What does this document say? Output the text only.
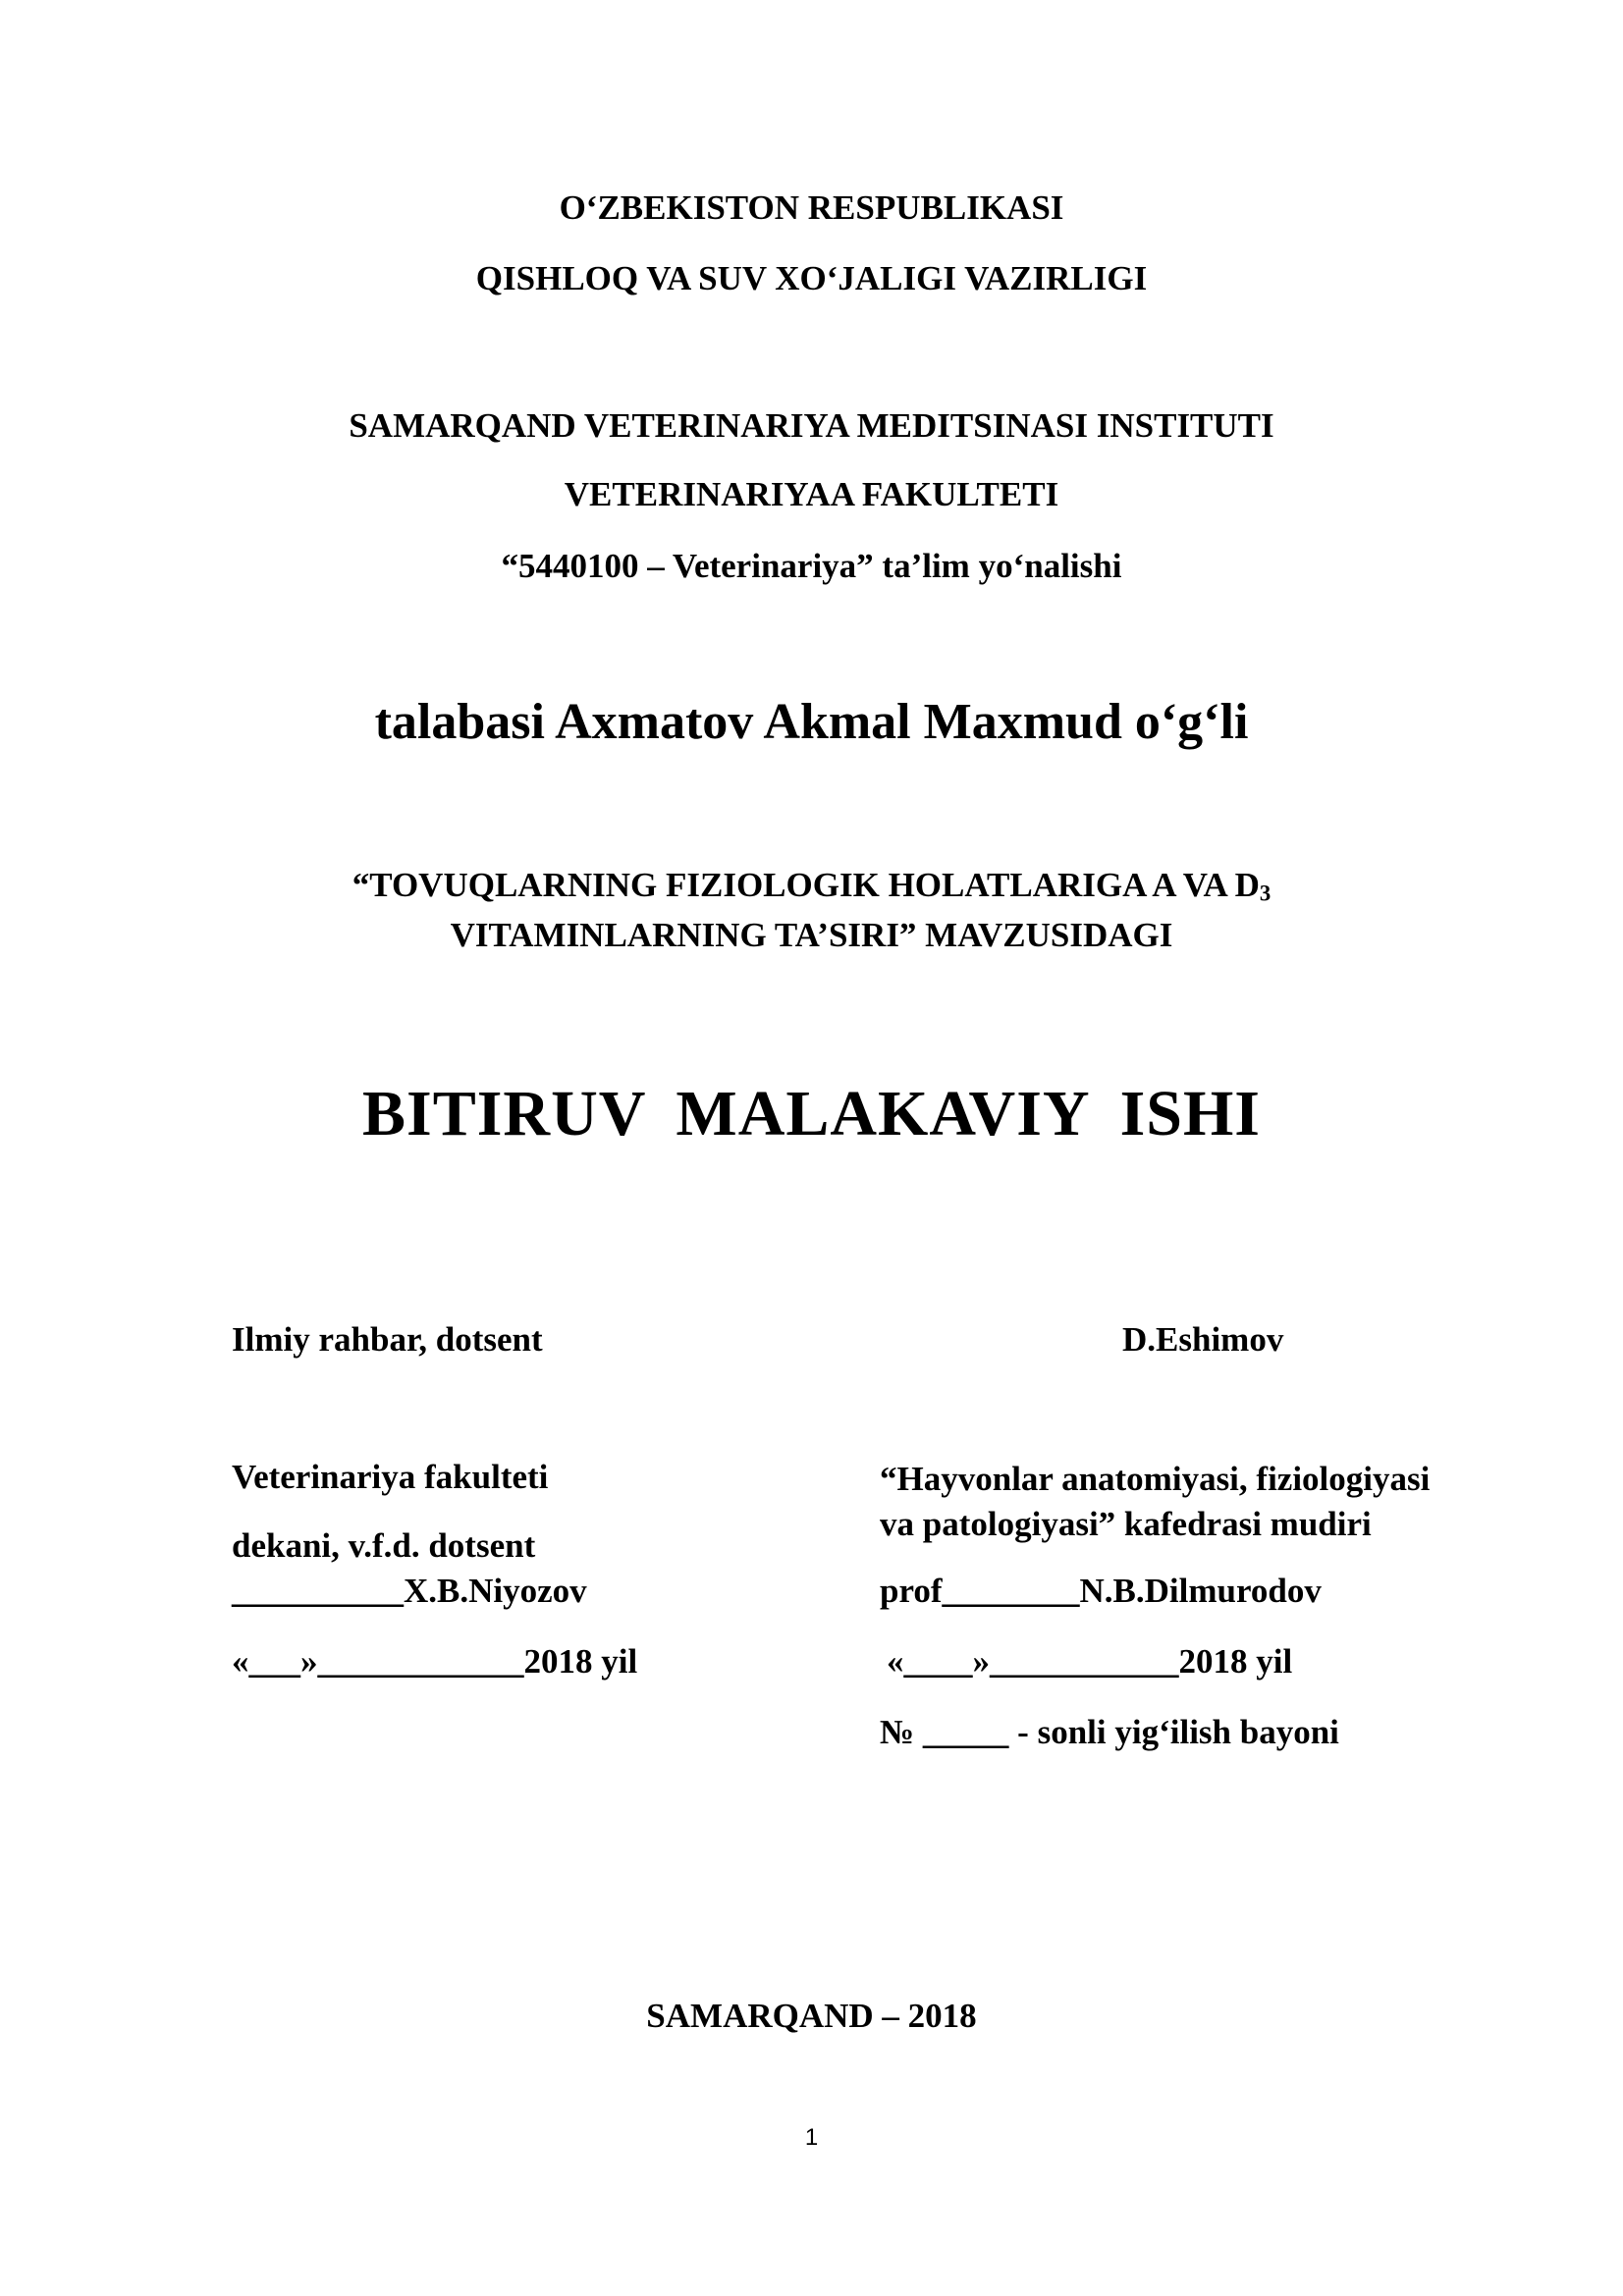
O‘ZBEKISTON RESPUBLIKASI
QISHLOQ VA SUV XO‘JALIGI VAZIRLIGI
SAMARQAND VETERINARIYA MEDITSINASI INSTITUTI
VETERINARIYAA FAKULTETI
“5440100 – Veterinariya” ta’lim yo‘nalishi
talabasi Axmatov Akmal Maxmud o‘g‘li
“TOVUQLARNING FIZIOLOGIK HOLATLARIGA A VA $D_3$
VITAMINLARNING TA’SIRI” MAVZUSIDAGI
BITIRUV MALAKAVIY ISHI
Ilmiy rahbar, dotsent	D.Eshimov
Veterinariya fakulteti
dekani, v.f.d. dotsent
__________X.B.Niyozov
«___»____________2018 yil
“Hayvonlar anatomiyasi, fiziologiyasi
va patologiyasi” kafedrasi mudiri
prof________N.B.Dilmurodov
«____»___________2018 yil
№ _____ - sonli yig‘ilish bayoni
SAMARQAND – 2018
1
